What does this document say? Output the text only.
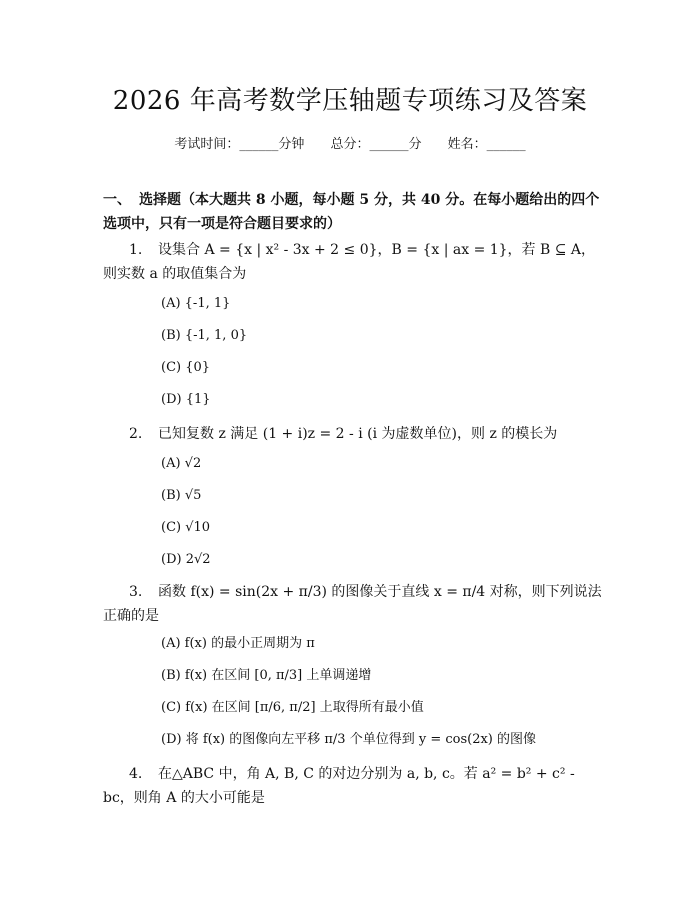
2026 年高考数学压轴题专项练习及答案
考试时间：______分钟 总分：______分 姓名：______
一、 选择题（本大题共 8 小题，每小题 5 分，共 40 分。在每小题给出的四个选项中，只有一项是符合题目要求的）
1. 设集合 A = {x | x² - 3x + 2 ≤ 0}，B = {x | ax = 1}，若 B ⊆ A，则实数 a 的取值集合为
(A) {-1, 1}
(B) {-1, 1, 0}
(C) {0}
(D) {1}
2. 已知复数 z 满足 (1 + i)z = 2 - i (i 为虚数单位)，则 z 的模长为
(A) √2
(B) √5
(C) √10
(D) 2√2
3. 函数 f(x) = sin(2x + π/3) 的图像关于直线 x = π/4 对称，则下列说法正确的是
(A) f(x) 的最小正周期为 π
(B) f(x) 在区间 [0, π/3] 上单调递增
(C) f(x) 在区间 [π/6, π/2] 上取得所有最小值
(D) 将 f(x) 的图像向左平移 π/3 个单位得到 y = cos(2x) 的图像
4. 在△ABC 中，角 A, B, C 的对边分别为 a, b, c。若 a² = b² + c² - bc，则角 A 的大小可能是
